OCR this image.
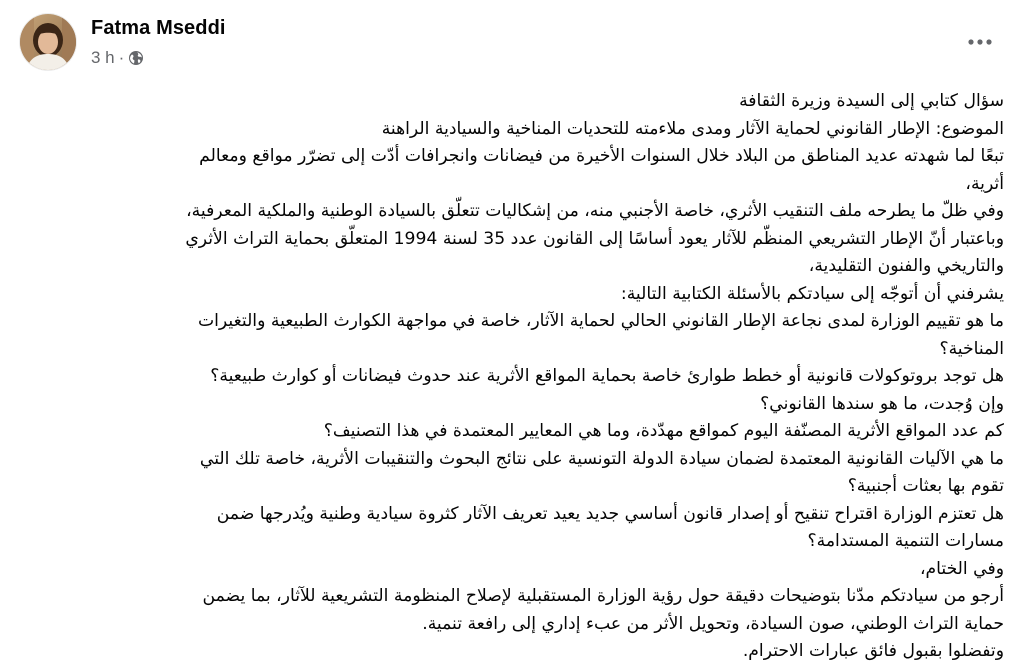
Fatma Mseddi
3 h ·
سؤال كتابي إلى السيدة وزيرة الثقافة
الموضوع: الإطار القانوني لحماية الآثار ومدى ملاءمته للتحديات المناخية والسيادية الراهنة
تبعًا لما شهدته عديد المناطق من البلاد خلال السنوات الأخيرة من فيضانات وانجرافات أدّت إلى تضرّر مواقع ومعالم
أثرية،
وفي ظلّ ما يطرحه ملف التنقيب الأثري، خاصة الأجنبي منه، من إشكاليات تتعلّق بالسيادة الوطنية والملكية المعرفية،
وباعتبار أنّ الإطار التشريعي المنظّم للآثار يعود أساسًا إلى القانون عدد 35 لسنة 1994 المتعلّق بحماية التراث الأثري
والتاريخي والفنون التقليدية،
يشرفني أن أتوجّه إلى سيادتكم بالأسئلة الكتابية التالية:
ما هو تقييم الوزارة لمدى نجاعة الإطار القانوني الحالي لحماية الآثار، خاصة في مواجهة الكوارث الطبيعية والتغيرات
المناخية؟
هل توجد بروتوكولات قانونية أو خطط طوارئ خاصة بحماية المواقع الأثرية عند حدوث فيضانات أو كوارث طبيعية؟
وإن وُجدت، ما هو سندها القانوني؟
كم عدد المواقع الأثرية المصنّفة اليوم كمواقع مهدّدة، وما هي المعايير المعتمدة في هذا التصنيف؟
ما هي الآليات القانونية المعتمدة لضمان سيادة الدولة التونسية على نتائج البحوث والتنقيبات الأثرية، خاصة تلك التي
تقوم بها بعثات أجنبية؟
هل تعتزم الوزارة اقتراح تنقيح أو إصدار قانون أساسي جديد يعيد تعريف الآثار كثروة سيادية وطنية ويُدرجها ضمن
مسارات التنمية المستدامة؟
وفي الختام،
أرجو من سيادتكم مدّنا بتوضيحات دقيقة حول رؤية الوزارة المستقبلية لإصلاح المنظومة التشريعية للآثار، بما يضمن
حماية التراث الوطني، صون السيادة، وتحويل الأثر من عبء إداري إلى رافعة تنمية.
وتفضلوا بقبول فائق عبارات الاحترام.
